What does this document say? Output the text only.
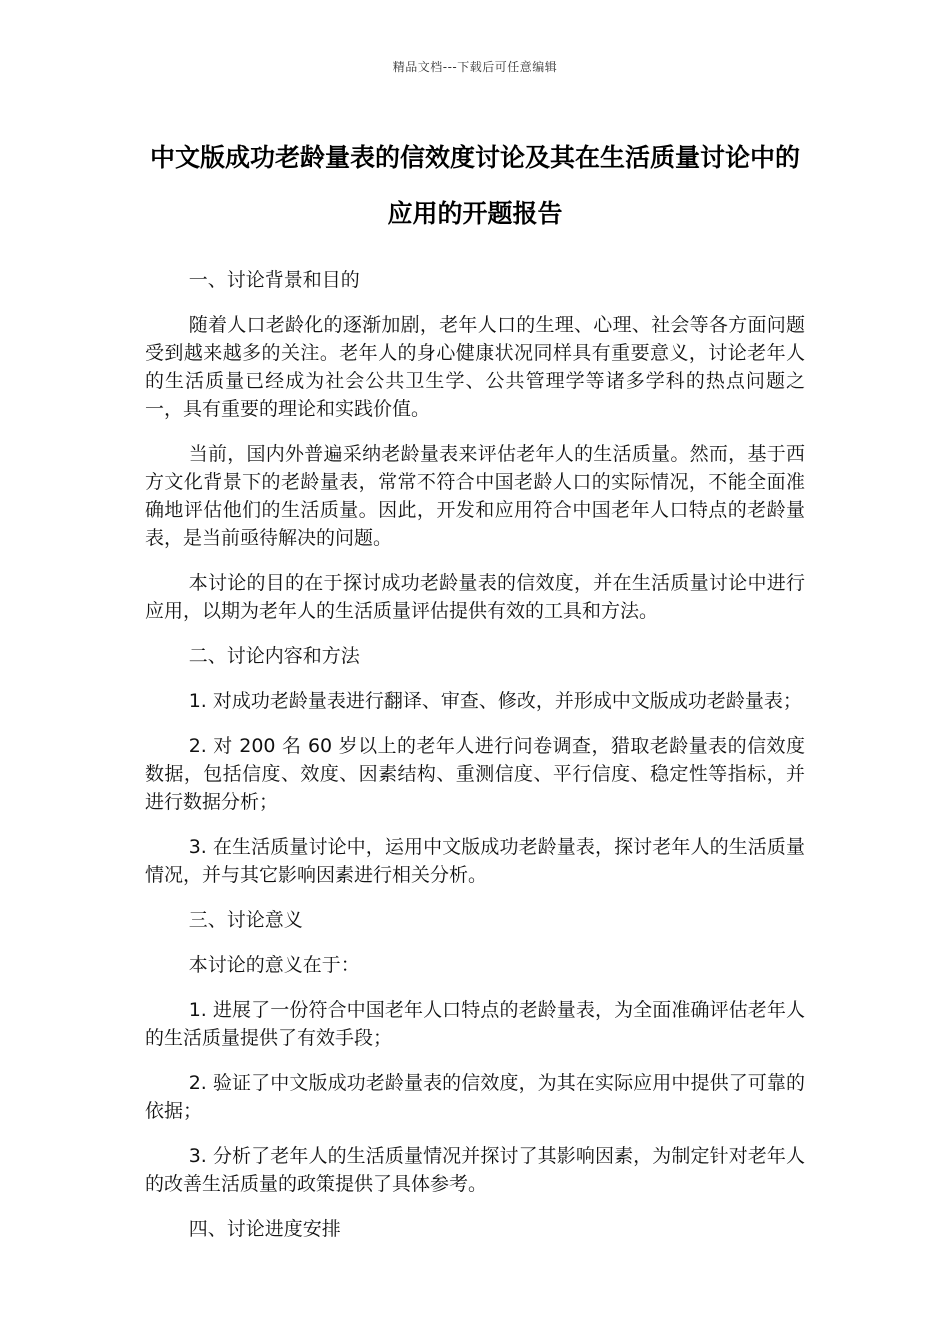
精品文档---下载后可任意编辑
中文版成功老龄量表的信效度讨论及其在生活质量讨论中的应用的开题报告

一、讨论背景和目的

随着人口老龄化的逐渐加剧，老年人口的生理、心理、社会等各方面问题受到越来越多的关注。老年人的身心健康状况同样具有重要意义，讨论老年人的生活质量已经成为社会公共卫生学、公共管理学等诸多学科的热点问题之一，具有重要的理论和实践价值。

当前，国内外普遍采纳老龄量表来评估老年人的生活质量。然而，基于西方文化背景下的老龄量表，常常不符合中国老龄人口的实际情况，不能全面准确地评估他们的生活质量。因此，开发和应用符合中国老年人口特点的老龄量表，是当前亟待解决的问题。

本讨论的目的在于探讨成功老龄量表的信效度，并在生活质量讨论中进行应用，以期为老年人的生活质量评估提供有效的工具和方法。

二、讨论内容和方法

1. 对成功老龄量表进行翻译、审查、修改，并形成中文版成功老龄量表；

2. 对 200 名 60 岁以上的老年人进行问卷调查，猎取老龄量表的信效度数据，包括信度、效度、因素结构、重测信度、平行信度、稳定性等指标，并进行数据分析；

3. 在生活质量讨论中，运用中文版成功老龄量表，探讨老年人的生活质量情况，并与其它影响因素进行相关分析。

三、讨论意义

本讨论的意义在于：

1. 进展了一份符合中国老年人口特点的老龄量表，为全面准确评估老年人的生活质量提供了有效手段；

2. 验证了中文版成功老龄量表的信效度，为其在实际应用中提供了可靠的依据；

3. 分析了老年人的生活质量情况并探讨了其影响因素，为制定针对老年人的改善生活质量的政策提供了具体参考。

四、讨论进度安排
